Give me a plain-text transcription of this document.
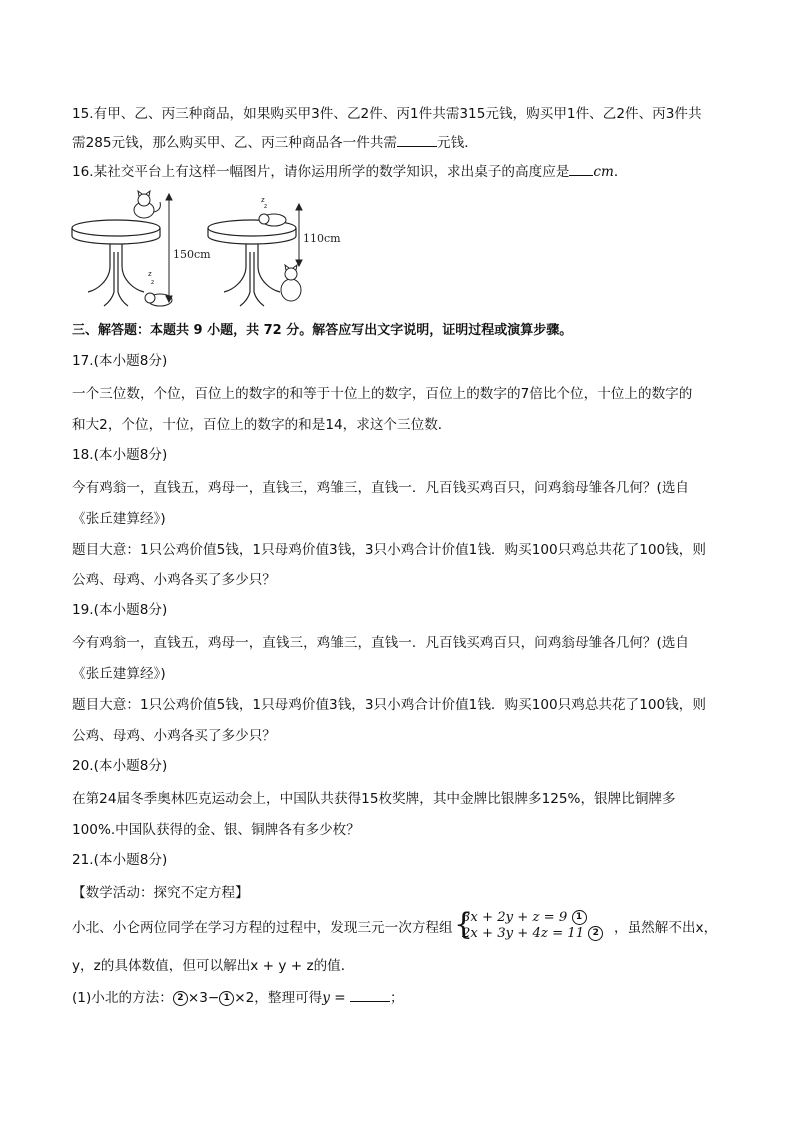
15.有甲、乙、丙三种商品，如果购买甲3件、乙2件、丙1件共需315元钱，购买甲1件、乙2件、丙3件共
需285元钱，那么购买甲、乙、丙三种商品各一件共需	元钱．
16.某社交平台上有这样一幅图片，请你运用所学的数学知识，求出桌子的高度应是 cm．
z
z
150cm
z
z
110cm
三、解答题：本题共 9 小题，共 72 分。解答应写出文字说明，证明过程或演算步骤。
17.(本小题8分)
一个三位数，个位，百位上的数字的和等于十位上的数字，百位上的数字的7倍比个位，十位上的数字的
和大2，个位，十位，百位上的数字的和是14，求这个三位数．
18.(本小题8分)
今有鸡翁一，直钱五，鸡母一，直钱三，鸡雏三，直钱一．凡百钱买鸡百只，问鸡翁母雏各几何？(选自
《张丘建算经》)
题目大意：1只公鸡价值5钱，1只母鸡价值3钱，3只小鸡合计价值1钱．购买100只鸡总共花了100钱，则
公鸡、母鸡、小鸡各买了多少只？
19.(本小题8分)
今有鸡翁一，直钱五，鸡母一，直钱三，鸡雏三，直钱一．凡百钱买鸡百只，问鸡翁母雏各几何？(选自
《张丘建算经》)
题目大意：1只公鸡价值5钱，1只母鸡价值3钱，3只小鸡合计价值1钱．购买100只鸡总共花了100钱，则
公鸡、母鸡、小鸡各买了多少只？
20.(本小题8分)
在第24届冬季奥林匹克运动会上，中国队共获得15枚奖牌，其中金牌比银牌多125%，银牌比铜牌多
100%.中国队获得的金、银、铜牌各有多少枚？
21.(本小题8分)
【数学活动：探究不定方程】
小北、小仑两位同学在学习方程的过程中，发现三元一次方程组 {
3x + 2y + z = 9 1
2x + 3y + 4z = 11 2	，虽然解不出x，
y，z的具体数值，但可以解出x + y + z的值．
(1)小北的方法： 2 ×3− 1 ×2，整理可得y =	；
